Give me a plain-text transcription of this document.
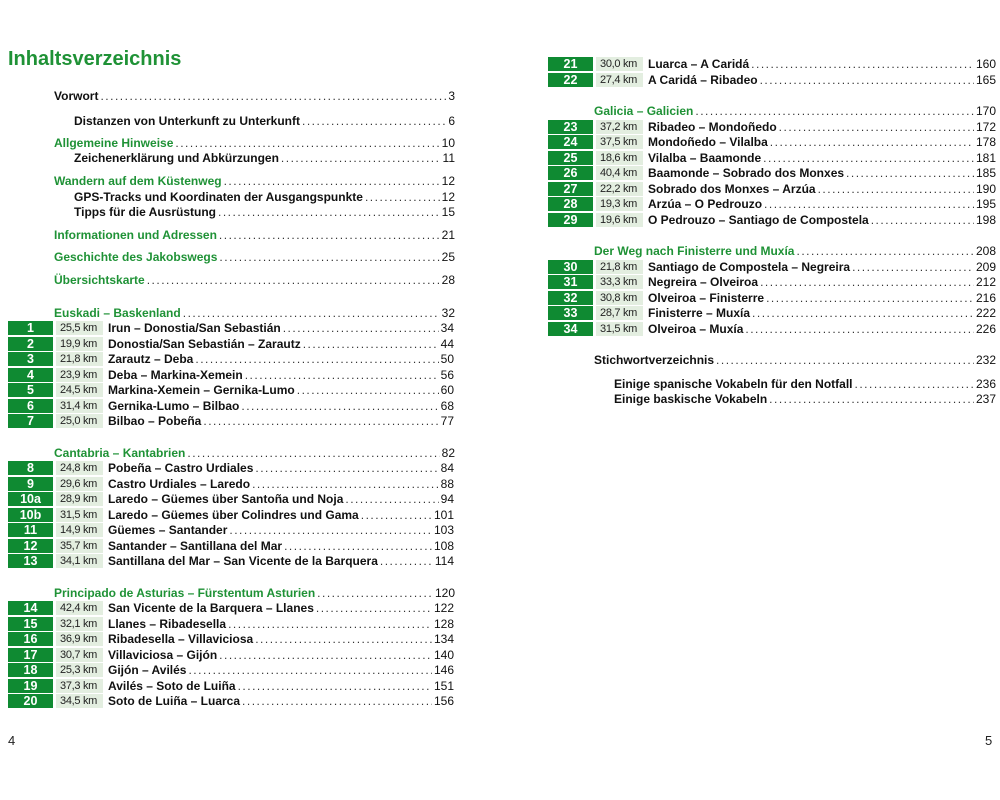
Inhaltsverzeichnis
Vorwort .....	3
Distanzen von Unterkunft zu Unterkunft .....	6
Allgemeine Hinweise .....	10
Zeichenerklärung und Abkürzungen .....	11
Wandern auf dem Küstenweg .....	12
GPS-Tracks und Koordinaten der Ausgangspunkte .....	12
Tipps für die Ausrüstung .....	15
Informationen und Adressen .....	21
Geschichte des Jakobswegs .....	25
Übersichtskarte .....	28
Euskadi – Baskenland .....	32
Cantabria – Kantabrien .....	82
Principado de Asturias – Fürstentum Asturien .....	120
Galicia – Galicien .....	170
Der Weg nach Finisterre und Muxía .....	208
Stichwortverzeichnis .....	232
Einige spanische Vokabeln für den Notfall .....	236
Einige baskische Vokabeln .....	237
1	25,5 km Irun – Donostia/San Sebastián .....	34
2	19,9 km Donostia/San Sebastián – Zarautz .....	44
3	21,8 km Zarautz – Deba .....	50
4	23,9 km Deba – Markina-Xemein .....	56
5	24,5 km Markina-Xemein – Gernika-Lumo .....	60
6	31,4 km Gernika-Lumo – Bilbao .....	68
7	25,0 km Bilbao – Pobeña .....	77
8	24,8 km Pobeña – Castro Urdiales .....	84
9	29,6 km Castro Urdiales – Laredo .....	88
10a	28,9 km Laredo – Güemes über Santoña und Noja .....	94
10b	31,5 km Laredo – Güemes über Colindres und Gama .....	101
11	14,9 km Güemes – Santander .....	103
12	35,7 km Santander – Santillana del Mar .....	108
13	34,1 km Santillana del Mar – San Vicente de la Barquera .....	114
14	42,4 km San Vicente de la Barquera – Llanes .....	122
15	32,1 km Llanes – Ribadesella .....	128
16	36,9 km Ribadesella – Villaviciosa .....	134
17	30,7 km Villaviciosa – Gijón .....	140
18	25,3 km Gijón – Avilés .....	146
19	37,3 km Avilés – Soto de Luiña .....	151
20	34,5 km Soto de Luiña – Luarca .....	156
21	30,0 km Luarca – A Caridá .....	160
22	27,4 km A Caridá – Ribadeo .....	165
23	37,2 km Ribadeo – Mondoñedo .....	172
24	37,5 km Mondoñedo – Vilalba .....	178
25	18,6 km Vilalba – Baamonde .....	181
26	40,4 km Baamonde – Sobrado dos Monxes .....	185
27	22,2 km Sobrado dos Monxes – Arzúa .....	190
28	19,3 km Arzúa – O Pedrouzo .....	195
29	19,6 km O Pedrouzo – Santiago de Compostela .....	198
30	21,8 km Santiago de Compostela – Negreira .....	209
31	33,3 km Negreira – Olveiroa .....	212
32	30,8 km Olveiroa – Finisterre .....	216
33	28,7 km Finisterre – Muxía .....	222
34	31,5 km Olveiroa – Muxía .....	226
4	5
